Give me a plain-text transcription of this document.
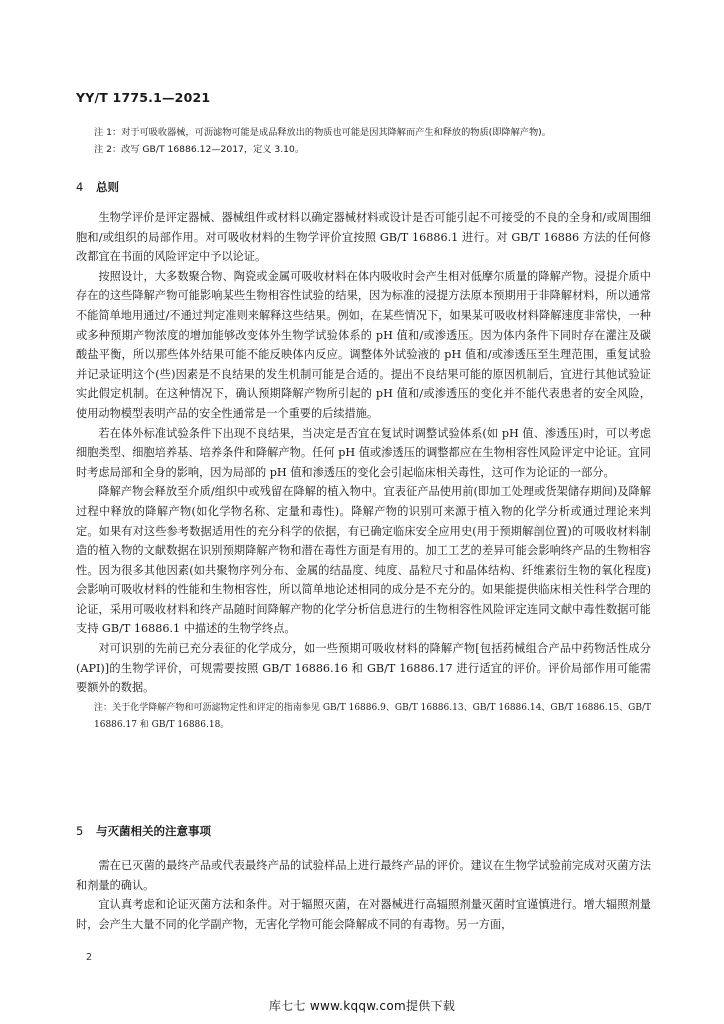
YY/T 1775.1—2021
注 1：对于可吸收器械，可沥滤物可能是成品释放出的物质也可能是因其降解而产生和释放的物质(即降解产物)。
注 2：改写 GB/T 16886.12—2017，定义 3.10。
4 总则

生物学评价是评定器械、器械组件或材料以确定器械材料或设计是否可能引起不可接受的不良的全身和/或周围细胞和/或组织的局部作用。对可吸收材料的生物学评价宜按照 GB/T 16886.1 进行。对 GB/T 16886 方法的任何修改都宜在书面的风险评定中予以论证。

按照设计，大多数聚合物、陶瓷或金属可吸收材料在体内吸收时会产生相对低摩尔质量的降解产物。浸提介质中存在的这些降解产物可能影响某些生物相容性试验的结果，因为标准的浸提方法原本预期用于非降解材料，所以通常不能简单地用通过/不通过判定准则来解释这些结果。例如，在某些情况下，如果某可吸收材料降解速度非常快，一种或多种预期产物浓度的增加能够改变体外生物学试验体系的 pH 值和/或渗透压。因为体内条件下同时存在灌注及碳酸盐平衡，所以那些体外结果可能不能反映体内反应。调整体外试验液的 pH 值和/或渗透压至生理范围，重复试验并记录证明这个(些)因素是不良结果的发生机制可能是合适的。提出不良结果可能的原因机制后，宜进行其他试验证实此假定机制。在这种情况下，确认预期降解产物所引起的 pH 值和/或渗透压的变化并不能代表患者的安全风险，使用动物模型表明产品的安全性通常是一个重要的后续措施。

若在体外标准试验条件下出现不良结果，当决定是否宜在复试时调整试验体系(如 pH 值、渗透压)时，可以考虑细胞类型、细胞培养基、培养条件和降解产物。任何 pH 值或渗透压的调整都应在生物相容性风险评定中论证。宜同时考虑局部和全身的影响，因为局部的 pH 值和渗透压的变化会引起临床相关毒性，这可作为论证的一部分。

降解产物会释放至介质/组织中或残留在降解的植入物中。宜表征产品使用前(即加工处理或货架储存期间)及降解过程中释放的降解产物(如化学物名称、定量和毒性)。降解产物的识别可来源于植入物的化学分析或通过理论来判定。如果有对这些参考数据适用性的充分科学的依据，有已确定临床安全应用史(用于预期解剖位置)的可吸收材料制造的植入物的文献数据在识别预期降解产物和潜在毒性方面是有用的。加工工艺的差异可能会影响终产品的生物相容性。因为很多其他因素(如共聚物序列分布、金属的结晶度、纯度、晶粒尺寸和晶体结构、纤维素衍生物的氧化程度)会影响可吸收材料的性能和生物相容性，所以简单地论述相同的成分是不充分的。如果能提供临床相关性科学合理的论证，采用可吸收材料和终产品随时间降解产物的化学分析信息进行的生物相容性风险评定连同文献中毒性数据可能支持 GB/T 16886.1 中描述的生物学终点。

对可识别的先前已充分表征的化学成分，如一些预期可吸收材料的降解产物[包括药械组合产品中药物活性成分(API)]的生物学评价，可规需要按照 GB/T 16886.16 和 GB/T 16886.17 进行适宜的评价。评价局部作用可能需要额外的数据。

注：关于化学降解产物和可沥滤物定性和评定的指南参见 GB/T 16886.9、GB/T 16886.13、GB/T 16886.14、GB/T 16886.15、GB/T 16886.17 和 GB/T 16886.18。
5 与灭菌相关的注意事项

需在已灭菌的最终产品或代表最终产品的试验样品上进行最终产品的评价。建议在生物学试验前完成对灭菌方法和剂量的确认。

宜认真考虑和论证灭菌方法和条件。对于辐照灭菌，在对器械进行高辐照剂量灭菌时宜谨慎进行。增大辐照剂量时，会产生大量不同的化学副产物，无害化学物可能会降解成不同的有毒物。另一方面，

2
库七七 www.kqqw.com提供下载
